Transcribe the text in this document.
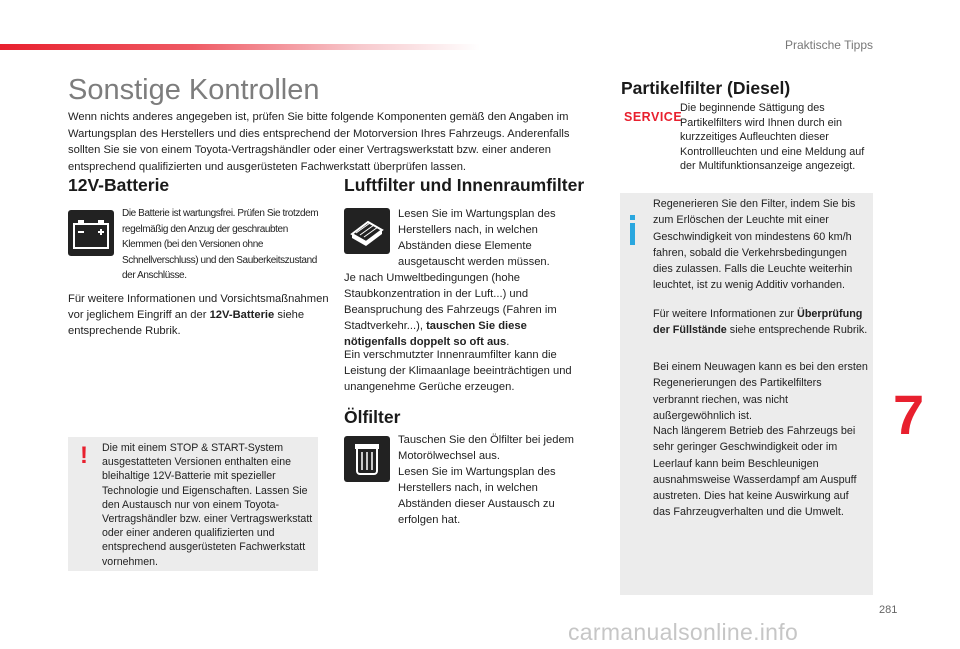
Praktische Tipps
Sonstige Kontrollen
Wenn nichts anderes angegeben ist, prüfen Sie bitte folgende Komponenten gemäß den Angaben im Wartungsplan des Herstellers und dies entsprechend der Motorversion Ihres Fahrzeugs. Anderenfalls sollten Sie sie von einem Toyota-Vertragshändler oder einer Vertragswerkstatt bzw. einer anderen entsprechend qualifizierten und ausgerüsteten Fachwerkstatt überprüfen lassen.
12V-Batterie
Die Batterie ist wartungsfrei. Prüfen Sie trotzdem regelmäßig den Anzug der geschraubten Klemmen (bei den Versionen ohne Schnellverschluss) und den Sauberkeitszustand der Anschlüsse.
Für weitere Informationen und Vorsichtsmaßnahmen vor jeglichem Eingriff an der 12V-Batterie siehe entsprechende Rubrik.
! Die mit einem STOP & START-System ausgestatteten Versionen enthalten eine bleihaltige 12V-Batterie mit spezieller Technologie und Eigenschaften. Lassen Sie den Austausch nur von einem Toyota-Vertragshändler bzw. einer Vertragswerkstatt oder einer anderen qualifizierten und entsprechend ausgerüsteten Fachwerkstatt vornehmen.
Luftfilter und Innenraumfilter
Lesen Sie im Wartungsplan des Herstellers nach, in welchen Abständen diese Elemente ausgetauscht werden müssen.
Je nach Umweltbedingungen (hohe Staubkonzentration in der Luft...) und Beanspruchung des Fahrzeugs (Fahren im Stadtverkehr...), tauschen Sie diese nötigenfalls doppelt so oft aus.
Ein verschmutzter Innenraumfilter kann die Leistung der Klimaanlage beeinträchtigen und unangenehme Gerüche erzeugen.
Ölfilter
Tauschen Sie den Ölfilter bei jedem Motorölwechsel aus.
Lesen Sie im Wartungsplan des Herstellers nach, in welchen Abständen dieser Austausch zu erfolgen hat.
Partikelfilter (Diesel)
SERVICE
Die beginnende Sättigung des Partikelfilters wird Ihnen durch ein kurzzeitiges Aufleuchten dieser Kontrollleuchten und eine Meldung auf der Multifunktionsanzeige angezeigt.
Regenerieren Sie den Filter, indem Sie bis zum Erlöschen der Leuchte mit einer Geschwindigkeit von mindestens 60 km/h fahren, sobald die Verkehrsbedingungen dies zulassen. Falls die Leuchte weiterhin leuchtet, ist zu wenig Additiv vorhanden.
Für weitere Informationen zur Überprüfung der Füllstände siehe entsprechende Rubrik.
Bei einem Neuwagen kann es bei den ersten Regenerierungen des Partikelfilters verbrannt riechen, was nicht außergewöhnlich ist.
Nach längerem Betrieb des Fahrzeugs bei sehr geringer Geschwindigkeit oder im Leerlauf kann beim Beschleunigen ausnahmsweise Wasserdampf am Auspuff austreten. Dies hat keine Auswirkung auf das Fahrzeugverhalten und die Umwelt.
7
281
carmanualsonline.info
